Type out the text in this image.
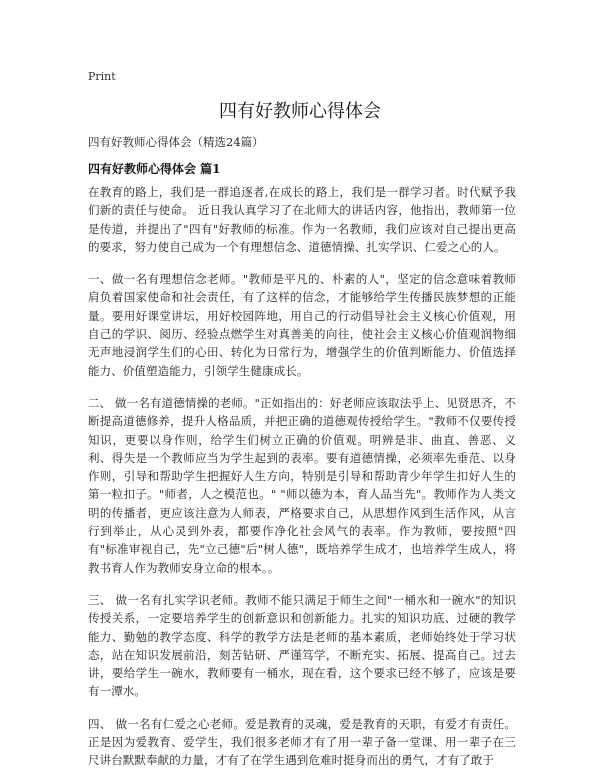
Print
四有好教师心得体会
四有好教师心得体会（精选24篇）
四有好教师心得体会 篇1

在教育的路上，我们是一群追逐者,在成长的路上，我们是一群学习者。时代赋予我们新的责任与使命。 近日我认真学习了在北师大的讲话内容，他指出，教师第一位是传道，并提出了"四有"好教师的标准。作为一名教师，我们应该对自己提出更高的要求，努力使自己成为一个有理想信念、道德情操、扎实学识、仁爱之心的人。

一、做一名有理想信念老师。"教师是平凡的、朴素的人"，坚定的信念意味着教师肩负着国家使命和社会责任，有了这样的信念，才能够给学生传播民族梦想的正能量。要用好课堂讲坛，用好校园阵地，用自己的行动倡导社会主义核心价值观，用自己的学识、阅历、经验点燃学生对真善美的向往，使社会主义核心价值观润物细无声地浸润学生们的心田、转化为日常行为，增强学生的价值判断能力、价值选择能力、价值塑造能力，引领学生健康成长。

二、 做一名有道德情操的老师。"正如指出的：好老师应该取法乎上、见贤思齐，不断提高道德修养，提升人格品质，并把正确的道德观传授给学生。"教师不仅要传授知识，更要以身作则，给学生们树立正确的价值观。明辨是非、曲直、善恶、义利、得失是一个教师应当为学生起到的表率。要有道德情操，必须率先垂范、以身作则，引导和帮助学生把握好人生方向，特别是引导和帮助青少年学生扣好人生的第一粒扣子。"师者，人之模范也。" "师以德为本，育人品当先"。教师作为人类文明的传播者，更应该注意为人师表，严格要求自己，从思想作风到生活作风，从言行到举止，从心灵到外表，都要作净化社会风气的表率。作为教师，要按照"四有"标准审视自己，先"立己德"后"树人德"，既培养学生成才，也培养学生成人，将教书育人作为教师安身立命的根本。。

三、 做一名有扎实学识老师。教师不能只满足于师生之间"一桶水和一碗水"的知识传授关系，一定要培养学生的创新意识和创新能力。扎实的知识功底、过硬的教学能力、勤勉的教学态度、科学的教学方法是老师的基本素质，老师始终处于学习状态，站在知识发展前沿，刻苦钻研、严谨笃学，不断充实、拓展、提高自己。过去讲，要给学生一碗水，教师要有一桶水，现在看，这个要求已经不够了，应该是要有一潭水。

四、 做一名有仁爱之心老师。爱是教育的灵魂，爱是教育的天职，有爱才有责任。正是因为爱教育、爱学生，我们很多老师才有了用一辈子备一堂课、用一辈子在三尺讲台默默奉献的力量，才有了在学生遇到危难时挺身而出的勇气，才有了敢于
